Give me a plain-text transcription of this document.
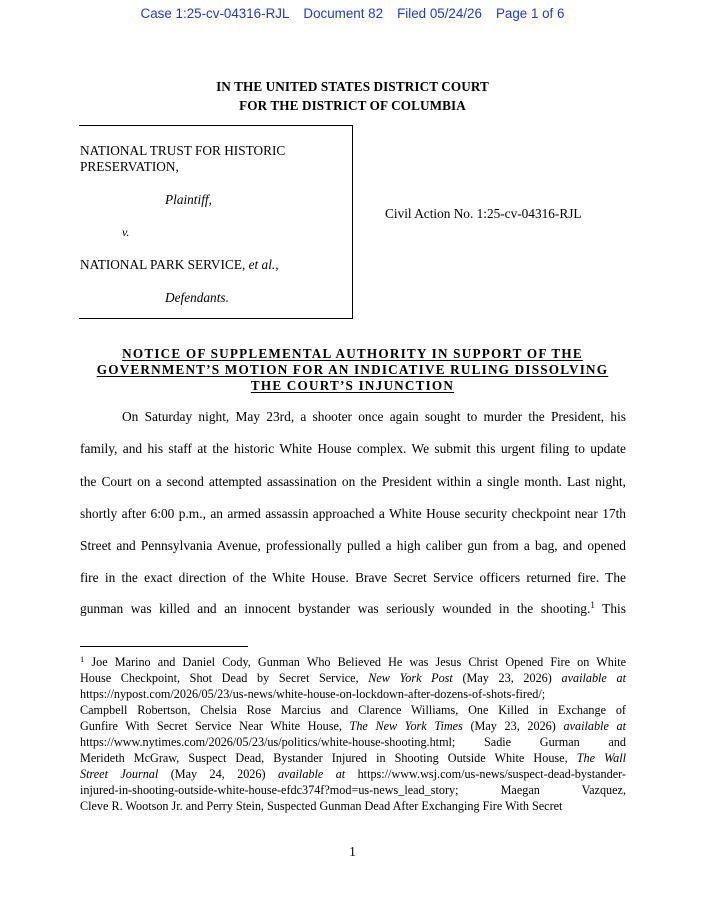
Case 1:25-cv-04316-RJL Document 82 Filed 05/24/26 Page 1 of 6
IN THE UNITED STATES DISTRICT COURT
FOR THE DISTRICT OF COLUMBIA
NATIONAL TRUST FOR HISTORIC
PRESERVATION,
Plaintiff,
v.
NATIONAL PARK SERVICE, et al.,
Defendants.
Civil Action No. 1:25-cv-04316-RJL
NOTICE OF SUPPLEMENTAL AUTHORITY IN SUPPORT OF THE
GOVERNMENT’S MOTION FOR AN INDICATIVE RULING DISSOLVING
THE COURT’S INJUNCTION
On Saturday night, May 23rd, a shooter once again sought to murder the President, his
family, and his staff at the historic White House complex. We submit this urgent filing to update
the Court on a second attempted assassination on the President within a single month. Last night,
shortly after 6:00 p.m., an armed assassin approached a White House security checkpoint near 17th
Street and Pennsylvania Avenue, professionally pulled a high caliber gun from a bag, and opened
fire in the exact direction of the White House. Brave Secret Service officers returned fire. The
gunman was killed and an innocent bystander was seriously wounded in the shooting.$^1$ This
$^1$ Joe Marino and Daniel Cody, Gunman Who Believed He was Jesus Christ Opened Fire on White
House Checkpoint, Shot Dead by Secret Service, New York Post (May 23, 2026) available at
https://nypost.com/2026/05/23/us-news/white-house-on-lockdown-after-dozens-of-shots-fired/;
Campbell Robertson, Chelsia Rose Marcius and Clarence Williams, One Killed in Exchange of
Gunfire With Secret Service Near White House, The New York Times (May 23, 2026) available at
https://www.nytimes.com/2026/05/23/us/politics/white-house-shooting.html; Sadie Gurman and
Merideth McGraw, Suspect Dead, Bystander Injured in Shooting Outside White House, The Wall
Street Journal (May 24, 2026) available at https://www.wsj.com/us-news/suspect-dead-bystander-
injured-in-shooting-outside-white-house-efdc374f?mod=us-news_lead_story; Maegan Vazquez,
Cleve R. Wootson Jr. and Perry Stein, Suspected Gunman Dead After Exchanging Fire With Secret
1
